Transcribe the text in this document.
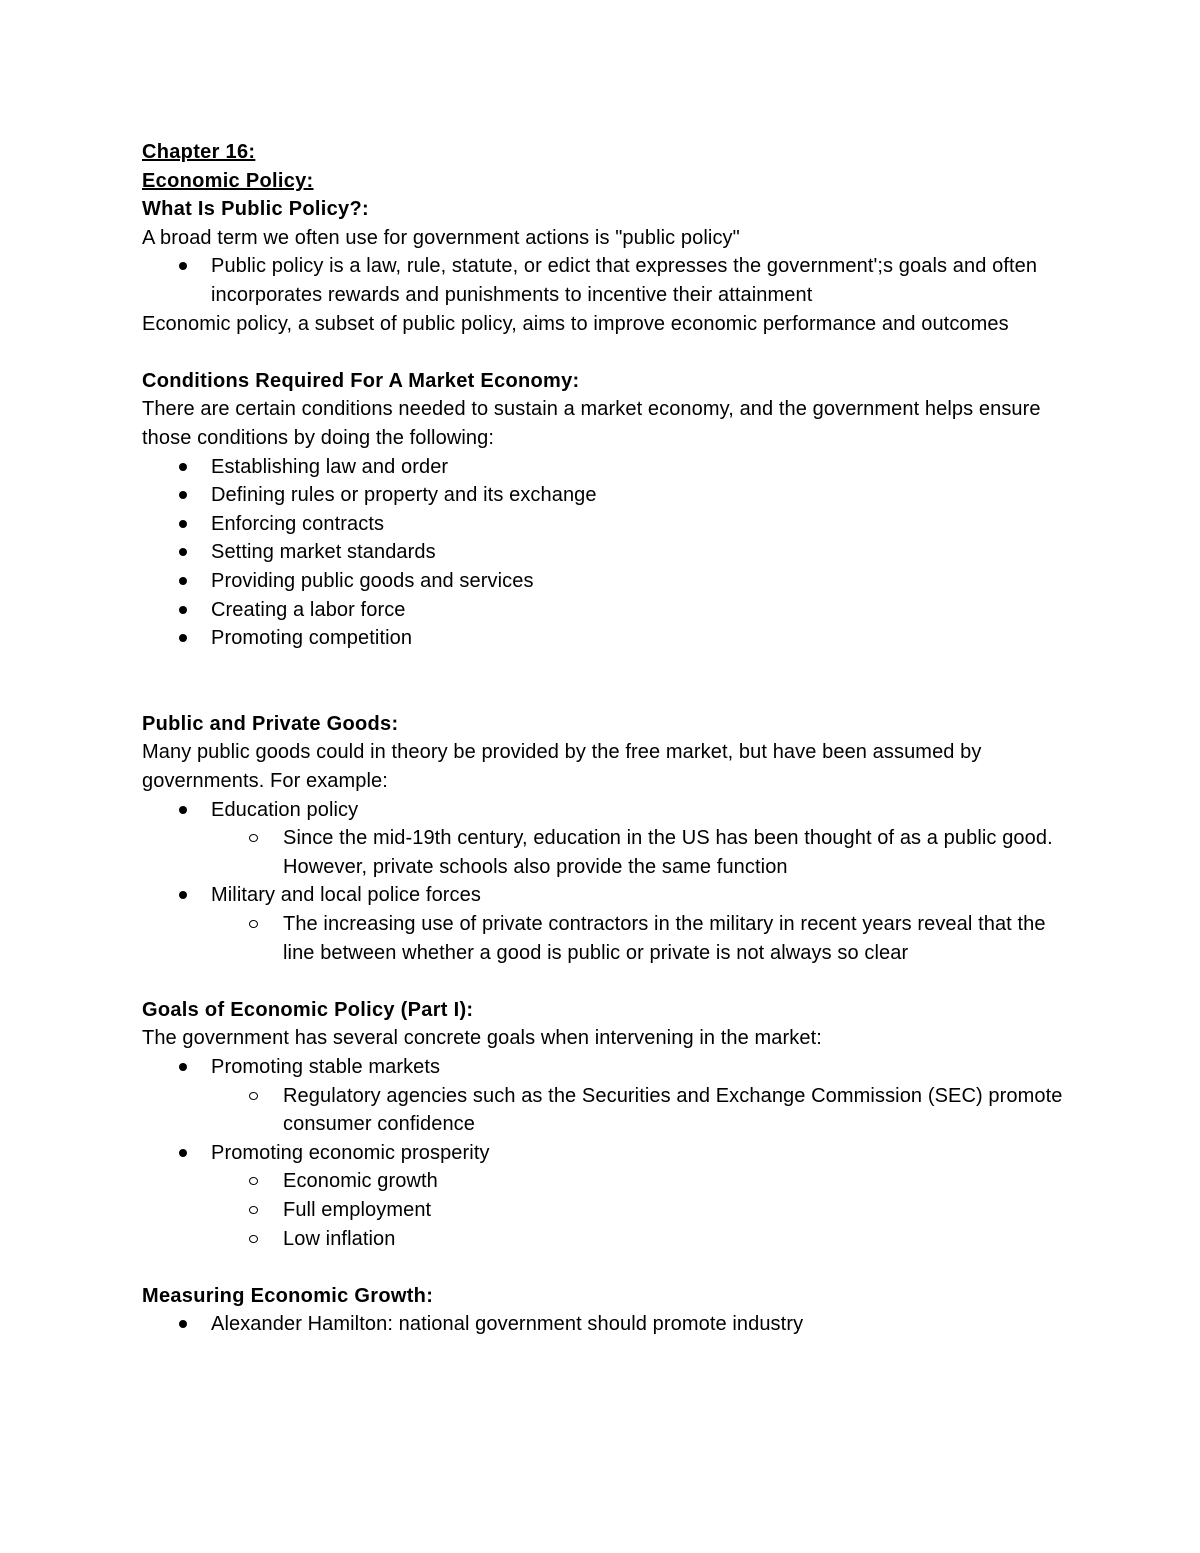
Chapter 16:
Economic Policy:
What Is Public Policy?:
A broad term we often use for government actions is "public policy"
Public policy is a law, rule, statute, or edict that expresses the government';s goals and often incorporates rewards and punishments to incentive their attainment
Economic policy, a subset of public policy, aims to improve economic performance and outcomes
Conditions Required For A Market Economy:
There are certain conditions needed to sustain a market economy, and the government helps ensure those conditions by doing the following:
Establishing law and order
Defining rules or property and its exchange
Enforcing contracts
Setting market standards
Providing public goods and services
Creating a labor force
Promoting competition
Public and Private Goods:
Many public goods could in theory be provided by the free market, but have been assumed by governments. For example:
Education policy
Since the mid-19th century, education in the US has been thought of as a public good. However, private schools also provide the same function
Military and local police forces
The increasing use of private contractors in the military in recent years reveal that the line between whether a good is public or private is not always so clear
Goals of Economic Policy (Part I):
The government has several concrete goals when intervening in the market:
Promoting stable markets
Regulatory agencies such as the Securities and Exchange Commission (SEC) promote consumer confidence
Promoting economic prosperity
Economic growth
Full employment
Low inflation
Measuring Economic Growth:
Alexander Hamilton: national government should promote industry
